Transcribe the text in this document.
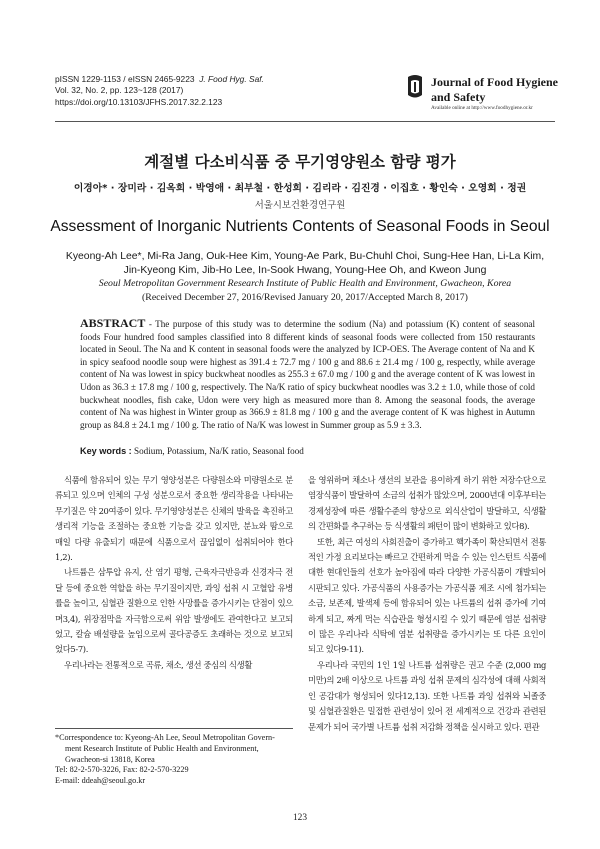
pISSN 1229-1153 / eISSN 2465-9223 J. Food Hyg. Saf.
Vol. 32, No. 2, pp. 123~128 (2017)
https://doi.org/10.13103/JFHS.2017.32.2.123
Journal of Food Hygiene
and Safety
Available online at http://www.foodhygiene.or.kr
계절별 다소비식품 중 무기영양원소 함량 평가
이경아* · 장미라 · 김옥희 · 박영애 · 최부철 · 한성희 · 김리라 · 김진경 · 이집호 · 황인숙 · 오영희 · 정권
서울시보건환경연구원
Assessment of Inorganic Nutrients Contents of Seasonal Foods in Seoul
Kyeong-Ah Lee*, Mi-Ra Jang, Ouk-Hee Kim, Young-Ae Park, Bu-Chuhl Choi, Sung-Hee Han, Li-La Kim,
Jin-Kyeong Kim, Jib-Ho Lee, In-Sook Hwang, Young-Hee Oh, and Kweon Jung
Seoul Metropolitan Government Research Institute of Public Health and Environment, Gwacheon, Korea
(Received December 27, 2016/Revised January 20, 2017/Accepted March 8, 2017)
ABSTRACT - The purpose of this study was to determine the sodium (Na) and potassium (K) content of seasonal foods Four hundred food samples classified into 8 different kinds of seasonal foods were collected from 150 restaurants located in Seoul. The Na and K content in seasonal foods were the analyzed by ICP-OES. The Average content of Na and K in spicy seafood noodle soup were highest as 391.4 ± 72.7 mg / 100 g and 88.6 ± 21.4 mg / 100 g, respectly, while average content of Na was lowest in spicy buckwheat noodles as 255.3 ± 67.0 mg / 100 g and the average content of K was lowest in Udon as 36.3 ± 17.8 mg / 100 g, respectively. The Na/K ratio of spicy buckwheat noodles was 3.2 ± 1.0, while those of cold buckwheat noodles, fish cake, Udon were very high as measured more than 8. Among the seasonal foods, the average content of Na was highest in Winter group as 366.9 ± 81.8 mg / 100 g and the average content of K was highest in Autumn group as 84.8 ± 24.1 mg / 100 g. The ratio of Na/K was lowest in Summer group as 5.9 ± 3.3.
Key words : Sodium, Potassium, Na/K ratio, Seasonal food

식품에 함유되어 있는 무기 영양성분은 다량원소와 미량원소로 분류되고 있으며 인체의 구성 성분으로서 중요한 생리작용을 나타내는 무기질은 약 20여종이 있다. 무기영양성분은 신체의 발육을 촉진하고 생리적 기능을 조절하는 중요한 기능을 갖고 있지만, 분뇨와 땀으로 매일 다량 유출되기 때문에 식품으로서 끊임없이 섭취되어야 한다1,2).

나트륨은 삼투압 유지, 산 염기 평형, 근육자극반응과 신경자극 전달 등에 중요한 역할을 하는 무기질이지만, 과잉 섭취 시 고혈압 유병률을 높이고, 심혈관 질환으로 인한 사망률을 증가시키는 단점이 있으며3,4), 위장점막을 자극함으로써 위암 발생에도 관여한다고 보고되었고, 칼슘 배설량을 높임으로써 골다공증도 초래하는 것으로 보고되었다5-7).

우리나라는 전통적으로 곡류, 채소, 생선 중심의 식생활

을 영위하며 채소나 생선의 보관을 용이하게 하기 위한 저장수단으로 염장식품이 발달하여 소금의 섭취가 많았으며, 2000년대 이후부터는 경제성장에 따른 생활수준의 향상으로 외식산업이 발달하고, 식생활의 간편화를 추구하는 등 식생활의 패턴이 많이 변화하고 있다8).

또한, 최근 여성의 사회진출이 증가하고 핵가족이 확산되면서 전통적인 가정 요리보다는 빠르고 간편하게 먹을 수 있는 인스턴트 식품에 대한 현대인들의 선호가 높아짐에 따라 다양한 가공식품이 개발되어 시판되고 있다. 가공식품의 사용증가는 가공식품 제조 시에 첨가되는 소금, 보존제, 발색제 등에 함유되어 있는 나트륨의 섭취 증가에 기여하게 되고, 짜게 먹는 식습관을 형성시킬 수 있기 때문에 염분 섭취량이 많은 우리나라 식탁에 염분 섭취량을 증가시키는 또 다른 요인이 되고 있다9-11).

우리나라 국민의 1인 1일 나트륨 섭취량은 권고 수준 (2,000 mg 미만)의 2배 이상으로 나트륨 과잉 섭취 문제의 심각성에 대해 사회적인 공감대가 형성되어 있다12,13). 또한 나트륨 과잉 섭취와 뇌졸중 및 심혈관질환은 밀접한 관련성이 있어 전 세계적으로 건강과 관련된 문제가 되어 국가별 나트륨 섭취 저감화 정책을 실시하고 있다. 편관

*Correspondence to: Kyeong-Ah Lee, Seoul Metropolitan Govern-
ment Research Institute of Public Health and Environment,
Gwacheon-si 13818, Korea
Tel: 82-2-570-3226, Fax: 82-2-570-3229
E-mail: ddeah@seoul.go.kr
123
